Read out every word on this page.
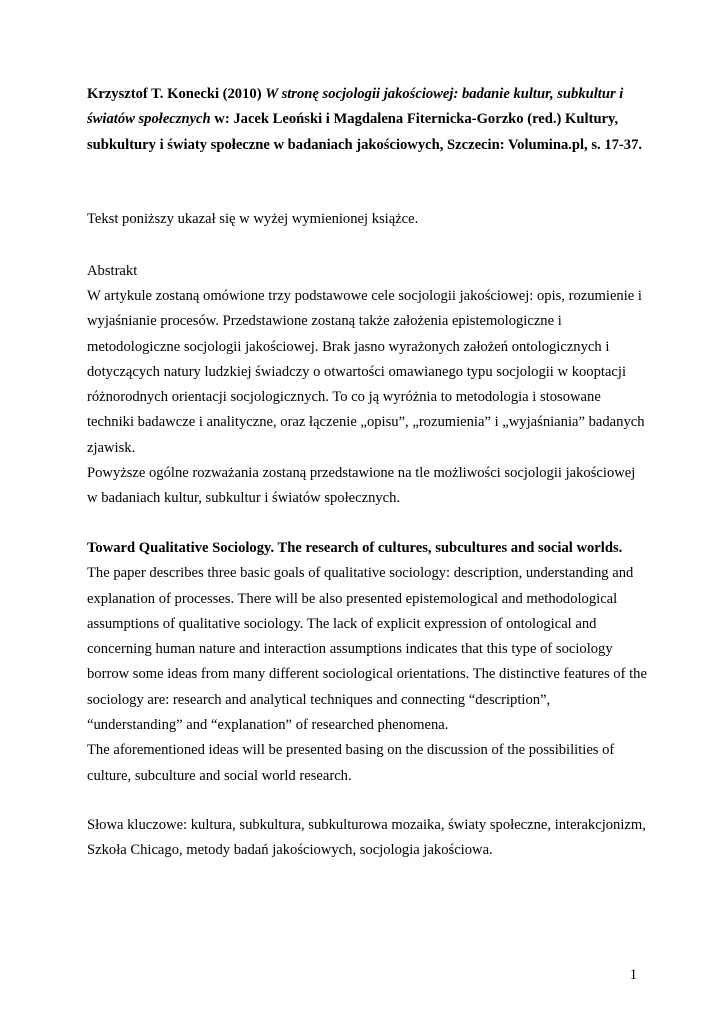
Krzysztof T. Konecki (2010) W stronę socjologii jakościowej: badanie kultur, subkultur i światów społecznych w: Jacek Leoński i Magdalena Fiternicka-Gorzko (red.) Kultury, subkultury i światy społeczne w badaniach jakościowych, Szczecin: Volumina.pl, s. 17-37.
Tekst poniższy ukazał się w wyżej wymienionej książce.
Abstrakt

W artykule zostaną omówione trzy podstawowe cele socjologii jakościowej: opis, rozumienie i wyjaśnianie procesów. Przedstawione zostaną także założenia epistemologiczne i metodologiczne socjologii jakościowej. Brak jasno wyrażonych założeń ontologicznych i dotyczących natury ludzkiej świadczy o otwartości omawianego typu socjologii w kooptacji różnorodnych orientacji socjologicznych. To co ją wyróżnia to metodologia i stosowane techniki badawcze i analityczne, oraz łączenie „opisu”, „rozumienia” i „wyjaśniania” badanych zjawisk.

Powyższe ogólne rozważania zostaną przedstawione na tle możliwości socjologii jakościowej w badaniach kultur, subkultur i światów społecznych.

Toward Qualitative Sociology. The research of cultures, subcultures and social worlds.

The paper describes three basic goals of qualitative sociology: description, understanding and explanation of processes. There will be also presented epistemological and methodological assumptions of qualitative sociology. The lack of explicit expression of ontological and concerning human nature and interaction assumptions indicates that this type of sociology borrow some ideas from many different sociological orientations. The distinctive features of the sociology are: research and analytical techniques and connecting “description”, “understanding” and “explanation” of researched phenomena.

The aforementioned ideas will be presented basing on the discussion of the possibilities of culture, subculture and social world research.

Słowa kluczowe: kultura, subkultura, subkulturowa mozaika, światy społeczne, interakcjonizm, Szkoła Chicago, metody badań jakościowych, socjologia jakościowa.
1
